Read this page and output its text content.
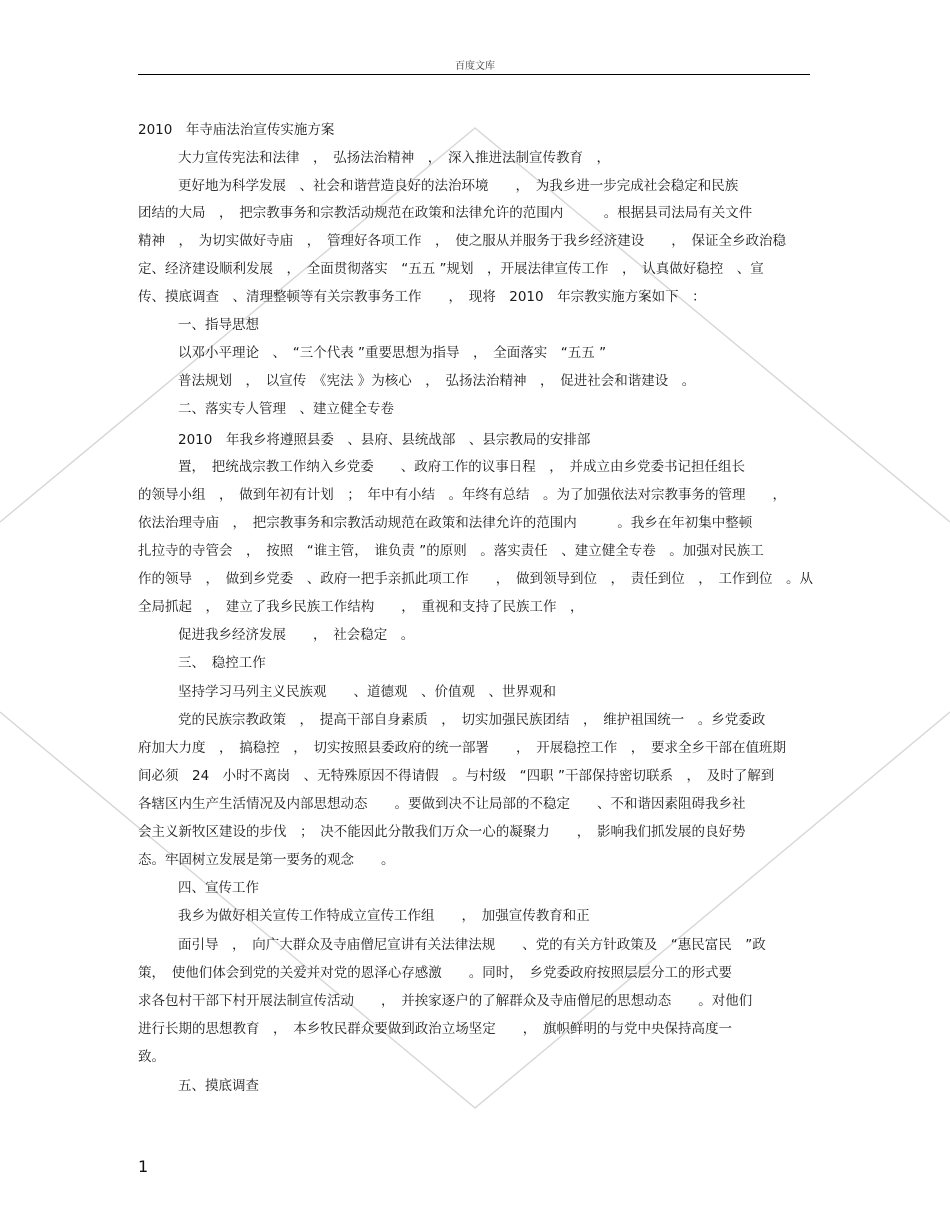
百度文库
2010　年寺庙法治宣传实施方案
大力宣传宪法和法律　，　弘扬法治精神　，　深入推进法制宣传教育　，
更好地为科学发展　、社会和谐营造良好的法治环境　　，　为我乡进一步完成社会稳定和民族
团结的大局　，　把宗教事务和宗教活动规范在政策和法律允许的范围内　　　。根据县司法局有关文件
精神　，　为切实做好寺庙　，　管理好各项工作　，　使之服从并服务于我乡经济建设　　，　保证全乡政治稳
定、经济建设顺利发展　，　全面贯彻落实　“五五 ”规划　，开展法律宣传工作　，　认真做好稳控　、宣
传、摸底调查　、清理整顿等有关宗教事务工作　　，　现将　2010　年宗教实施方案如下　：
一、指导思想
以邓小平理论　、　“三个代表 ”重要思想为指导　，　全面落实　“五五 ”
普法规划　，　以宣传　《宪法 》为核心　，　弘扬法治精神　，　促进社会和谐建设　。
二、落实专人管理　、建立健全专卷
2010　年我乡将遵照县委　、县府、县统战部　、县宗教局的安排部
置，　把统战宗教工作纳入乡党委　　、政府工作的议事日程　，　并成立由乡党委书记担任组长
的领导小组　，　做到年初有计划　；　年中有小结　。年终有总结　。为了加强依法对宗教事务的管理　　，
依法治理寺庙　，　把宗教事务和宗教活动规范在政策和法律允许的范围内　　　。我乡在年初集中整顿
扎拉寺的寺管会　，　按照　“谁主管，　谁负责 ”的原则　。落实责任　、建立健全专卷　。加强对民族工
作的领导　，　做到乡党委　、政府一把手亲抓此项工作　　，　做到领导到位　，　责任到位　，　工作到位　。从
全局抓起　，　建立了我乡民族工作结构　　，　重视和支持了民族工作　，
促进我乡经济发展　　，　社会稳定　。
三、　稳控工作
坚持学习马列主义民族观　　、道德观　、价值观　、世界观和
党的民族宗教政策　，　提高干部自身素质　，　切实加强民族团结　，　维护祖国统一　。乡党委政
府加大力度　，　搞稳控　，　切实按照县委政府的统一部署　　，　开展稳控工作　，　要求全乡干部在值班期
间必须　24　小时不离岗　、无特殊原因不得请假　。与村级　“四职 ”干部保持密切联系　，　及时了解到
各辖区内生产生活情况及内部思想动态　　。要做到决不让局部的不稳定　　、不和谐因素阻碍我乡社
会主义新牧区建设的步伐　；　决不能因此分散我们万众一心的凝聚力　　，　影响我们抓发展的良好势
态。牢固树立发展是第一要务的观念　　。
四、宣传工作
我乡为做好相关宣传工作特成立宣传工作组　　，　加强宣传教育和正
面引导　，　向广大群众及寺庙僧尼宣讲有关法律法规　　、党的有关方针政策及　“惠民富民　”政
策，　使他们体会到党的关爱并对党的恩泽心存感激　　。同时，　乡党委政府按照层层分工的形式要
求各包村干部下村开展法制宣传活动　　，　并挨家逐户的了解群众及寺庙僧尼的思想动态　　。对他们
进行长期的思想教育　，　本乡牧民群众要做到政治立场坚定　　，　旗帜鲜明的与党中央保持高度一
致。
五、摸底调查
1
